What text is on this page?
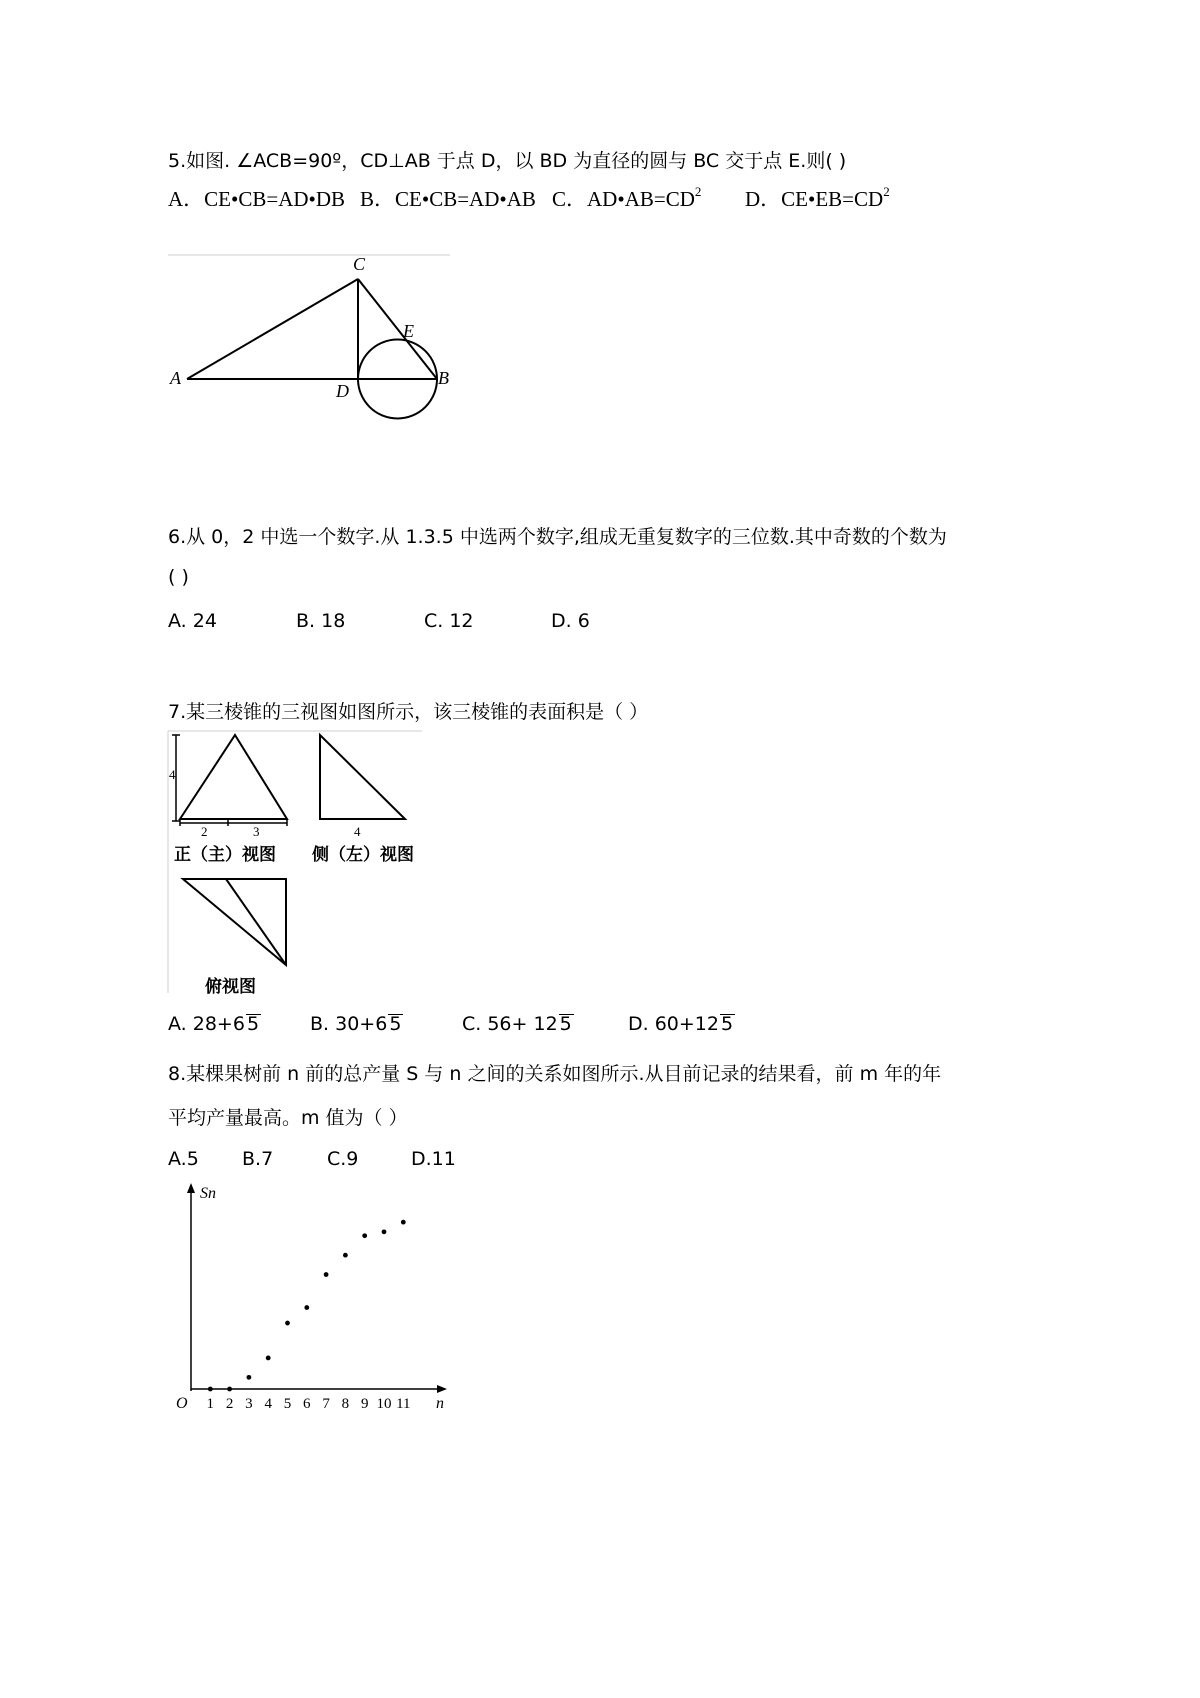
5.如图. ∠ACB=90º，CD⊥AB 于点 D，以 BD 为直径的圆与 BC 交于点 E.则( )
A．CE•CB=AD•DB B．CE•CB=AD•AB C．$AD•AB=CD^2$ D．$CE•EB=CD^2$
C
E
A
D
B
6.从 0，2 中选一个数字.从 1.3.5 中选两个数字,组成无重复数字的三位数.其中奇数的个数为
( )
A. 24	B. 18	C. 12	D. 6
7.某三棱锥的三视图如图所示，该三棱锥的表面积是（ ）
4
2	3	4
正（主）视图 侧（左）视图
俯视图
A. 28+6 5	B. 30+6 5	C. 56+ 12 5	D. 60+12 5
8.某棵果树前 n 前的总产量 S 与 n 之间的关系如图所示.从目前记录的结果看，前 m 年的年
平均产量最高。m 值为（ ）
A.5 B.7	C.9	D.11
Sn
n
O 1 2 3 4 5 6 7 8 9 10 11
